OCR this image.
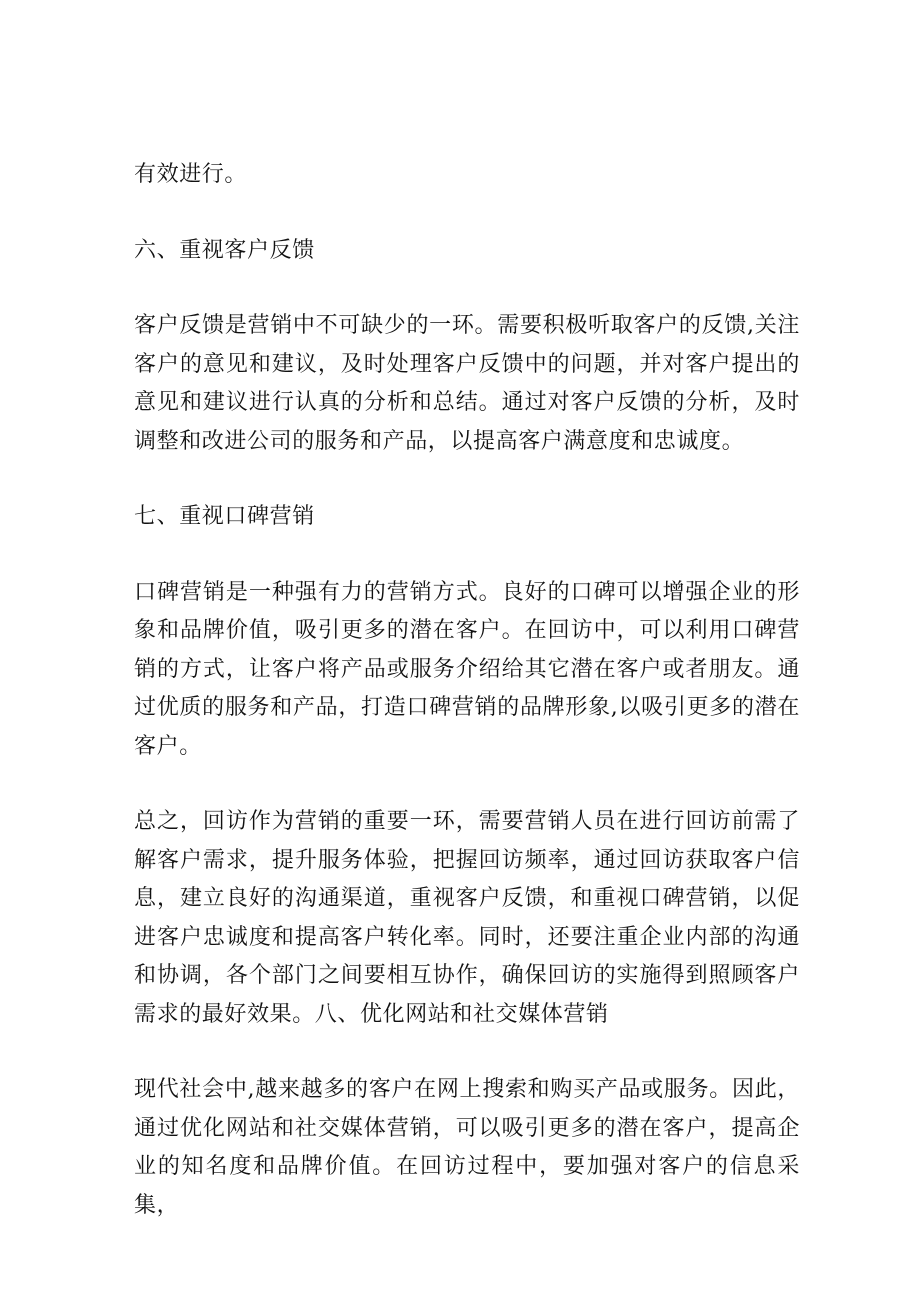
有效进行。

六、重视客户反馈

客户反馈是营销中不可缺少的一环。需要积极听取客户的反馈,关注客户的意见和建议，及时处理客户反馈中的问题，并对客户提出的意见和建议进行认真的分析和总结。通过对客户反馈的分析，及时调整和改进公司的服务和产品，以提高客户满意度和忠诚度。

七、重视口碑营销

口碑营销是一种强有力的营销方式。良好的口碑可以增强企业的形象和品牌价值，吸引更多的潜在客户。在回访中，可以利用口碑营销的方式，让客户将产品或服务介绍给其它潜在客户或者朋友。通过优质的服务和产品，打造口碑营销的品牌形象,以吸引更多的潜在客户。

总之，回访作为营销的重要一环，需要营销人员在进行回访前需了解客户需求，提升服务体验，把握回访频率，通过回访获取客户信息，建立良好的沟通渠道，重视客户反馈，和重视口碑营销，以促进客户忠诚度和提高客户转化率。同时，还要注重企业内部的沟通和协调，各个部门之间要相互协作，确保回访的实施得到照顾客户需求的最好效果。八、优化网站和社交媒体营销

现代社会中,越来越多的客户在网上搜索和购买产品或服务。因此，通过优化网站和社交媒体营销，可以吸引更多的潜在客户，提高企业的知名度和品牌价值。在回访过程中，要加强对客户的信息采集，
